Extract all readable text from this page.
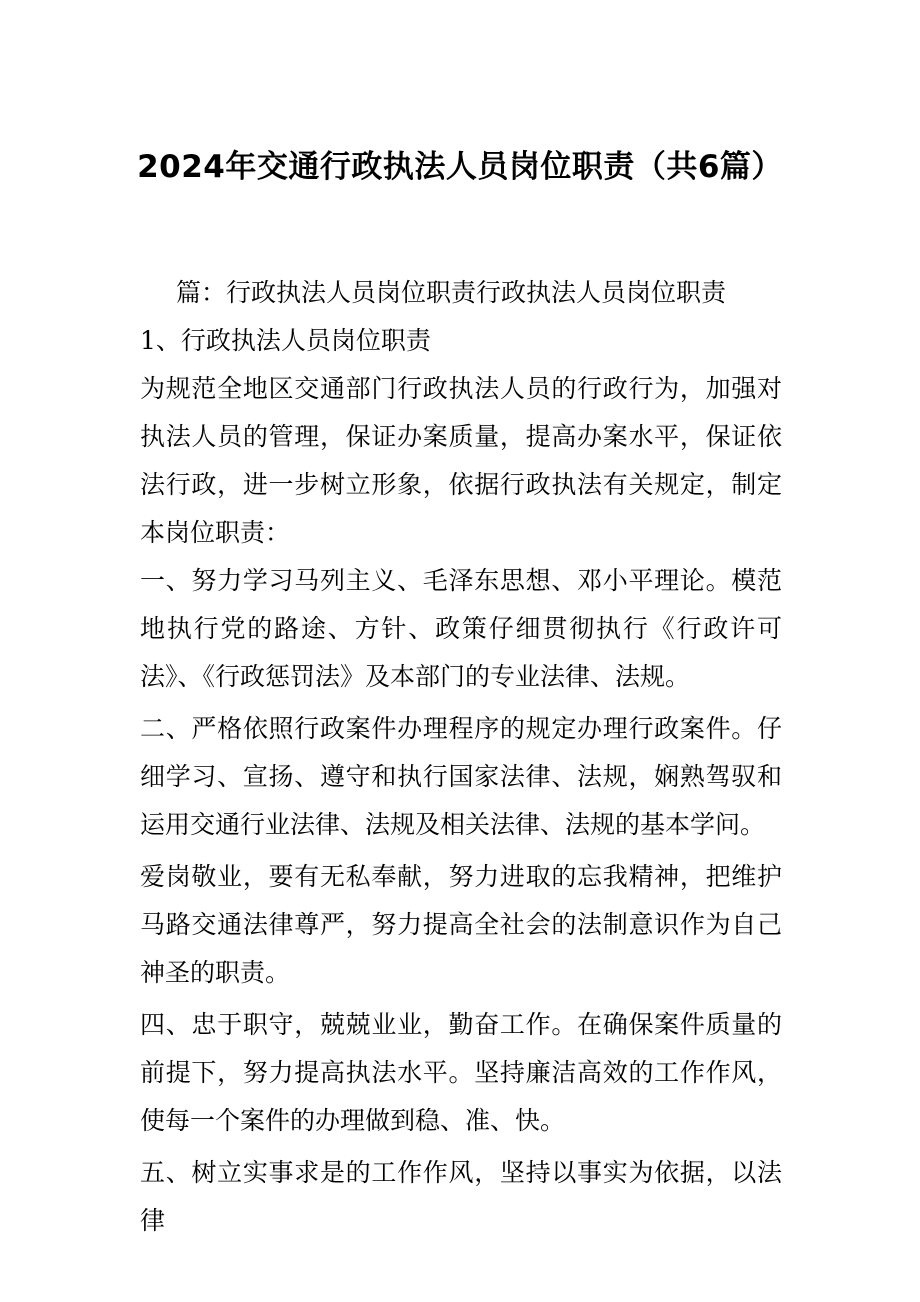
2024年交通行政执法人员岗位职责（共6篇）

篇：行政执法人员岗位职责行政执法人员岗位职责

1、行政执法人员岗位职责

为规范全地区交通部门行政执法人员的行政行为，加强对执法人员的管理，保证办案质量，提高办案水平，保证依法行政，进一步树立形象，依据行政执法有关规定，制定本岗位职责：

一、努力学习马列主义、毛泽东思想、邓小平理论。模范地执行党的路途、方针、政策仔细贯彻执行《行政许可法》、《行政惩罚法》及本部门的专业法律、法规。

二、严格依照行政案件办理程序的规定办理行政案件。仔细学习、宣扬、遵守和执行国家法律、法规，娴熟驾驭和运用交通行业法律、法规及相关法律、法规的基本学问。

爱岗敬业，要有无私奉献，努力进取的忘我精神，把维护马路交通法律尊严，努力提高全社会的法制意识作为自己神圣的职责。

四、忠于职守，兢兢业业，勤奋工作。在确保案件质量的前提下，努力提高执法水平。坚持廉洁高效的工作作风，使每一个案件的办理做到稳、准、快。

五、树立实事求是的工作作风，坚持以事实为依据，以法律
